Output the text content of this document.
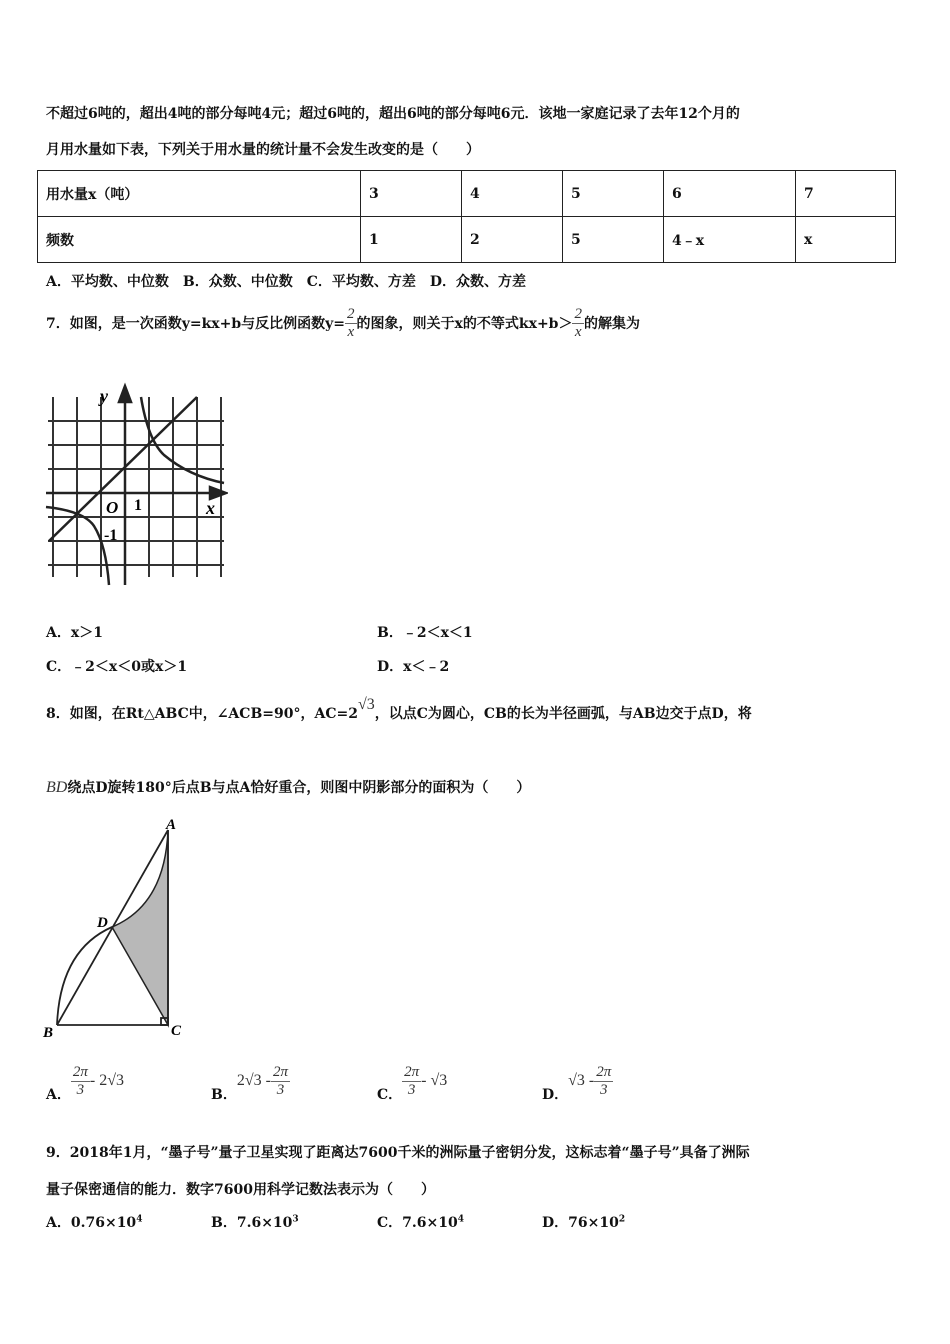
不超过6吨的，超出4吨的部分每吨4元；超过6吨的，超出6吨的部分每吨6元．该地一家庭记录了去年12个月的
月用水量如下表，下列关于用水量的统计量不会发生改变的是（　　）
用水量x（吨）	3	4	5	6	7
频数	1	2	5	4﹣x	x
A．平均数、中位数　B．众数、中位数　C．平均数、方差　D．众数、方差
7．如图，是一次函数y=kx+b与反比例函数$y= \frac{2}{x}$ 的图象，则关于x的不等式$kx+b> \frac{2}{x}$ 的解集为
y
x
O 1
-1
A．x＞1	B．﹣2＜x＜1
C．﹣2＜x＜0或x＞1	D．x＜﹣2
8．如图，在Rt△ABC中，∠ACB=90°，AC=2√3，以点C为圆心，CB的长为半径画弧，与AB边交于点D，将
BD绕点D旋转180°后点B与点A恰好重合，则图中阴影部分的面积为（　　）
A
B	C
D
A． $\frac{2\pi}{3} - 2√3$
B．
$2√3 - \frac{2\pi}{3}$	C． $\frac{2\pi}{3} - √3$
D．
$√3 - \frac{2\pi}{3}$
9．2018年1月，“墨子号”量子卫星实现了距离达7600千米的洲际量子密钥分发，这标志着“墨子号”具备了洲际
量子保密通信的能力．数字7600用科学记数法表示为（　　）
A．$0.76\times 10^4$	B．$7.6\times 10^3$	C．$7.6\times 10^4$	D．$76\times 10^2$
